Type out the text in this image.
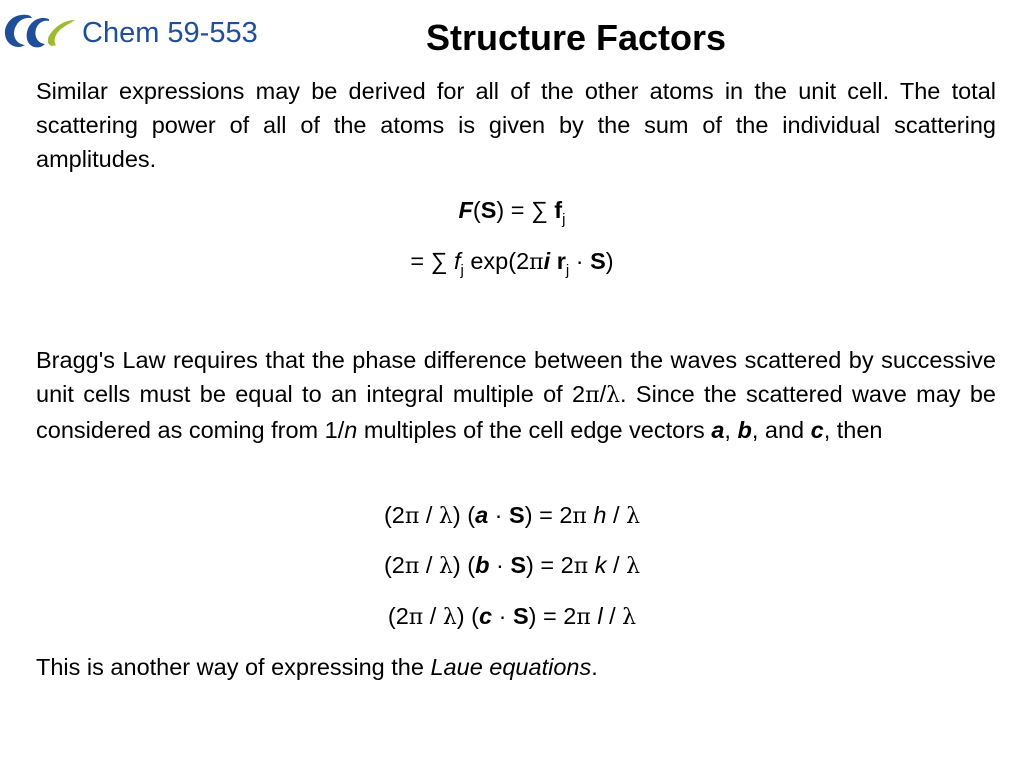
Chem 59-553	Structure Factors
Similar expressions may be derived for all of the other atoms in the unit cell. The total scattering power of all of the atoms is given by the sum of the individual scattering amplitudes.
F(S) = ∑ $f_j$
= ∑ $f_j$ exp(2πi $r_j \cdot S$)
Bragg's Law requires that the phase difference between the waves scattered by successive unit cells must be equal to an integral multiple of 2π/λ. Since the scattered wave may be considered as coming from 1/n multiples of the cell edge vectors a, b, and c, then
(2π / λ) (a · S) = 2π h / λ
(2π / λ) (b · S) = 2π k / λ
(2π / λ) (c · S) = 2π l / λ
This is another way of expressing the Laue equations.
